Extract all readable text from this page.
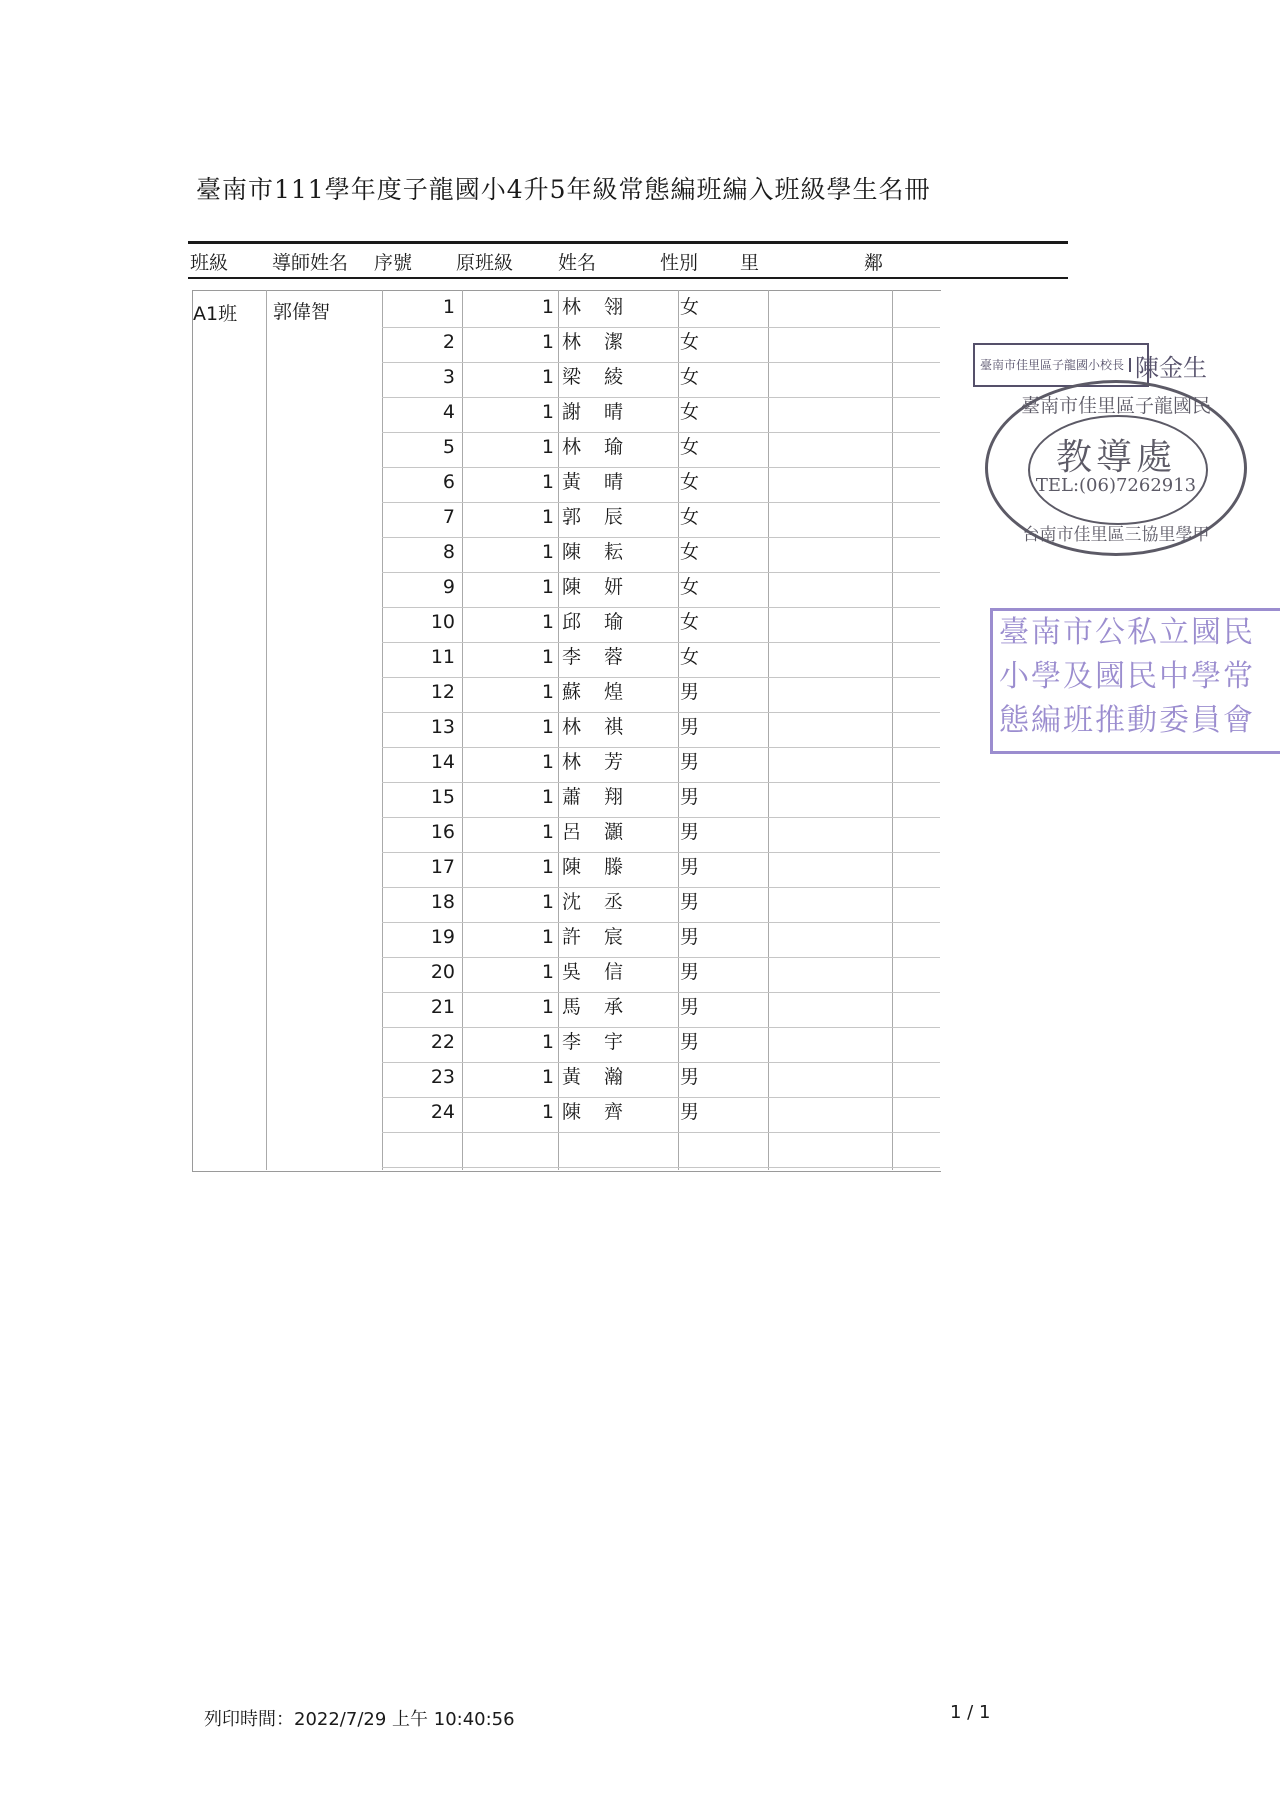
臺南市111學年度子龍國小4升5年級常態編班編入班級學生名冊
班級 導師姓名 序號 原班級 姓名	性別 里	鄰
A1班 郭偉智	1	1 林 翎	女
2	1 林 潔	女
3	1 梁 綾	女
4	1 謝 晴	女
5	1 林 瑜	女
6	1 黃 晴	女
7	1 郭 辰	女
8	1 陳 耘	女
9	1 陳 妍	女
10	1 邱 瑜	女
11	1 李 蓉	女
12	1 蘇 煌	男
13	1 林 祺	男
14	1 林 芳	男
15	1 蕭 翔	男
16	1 呂 灝	男
17	1 陳 滕	男
18	1 沈 丞	男
19	1 許 宸	男
20	1 吳 信	男
21	1 馬 承	男
22	1 李 宇	男
23	1 黃 瀚	男
24	1 陳 齊	男
臺南市佳里區子龍國小校長 陳金生
臺南市佳里區子龍國民
教導處
TEL:(06)7262913
台南市佳里區三協里學甲
臺南市公私立國民
小學及國民中學常
態編班推動委員會
列印時間：2022/7/29 上午 10:40:56	1 / 1
